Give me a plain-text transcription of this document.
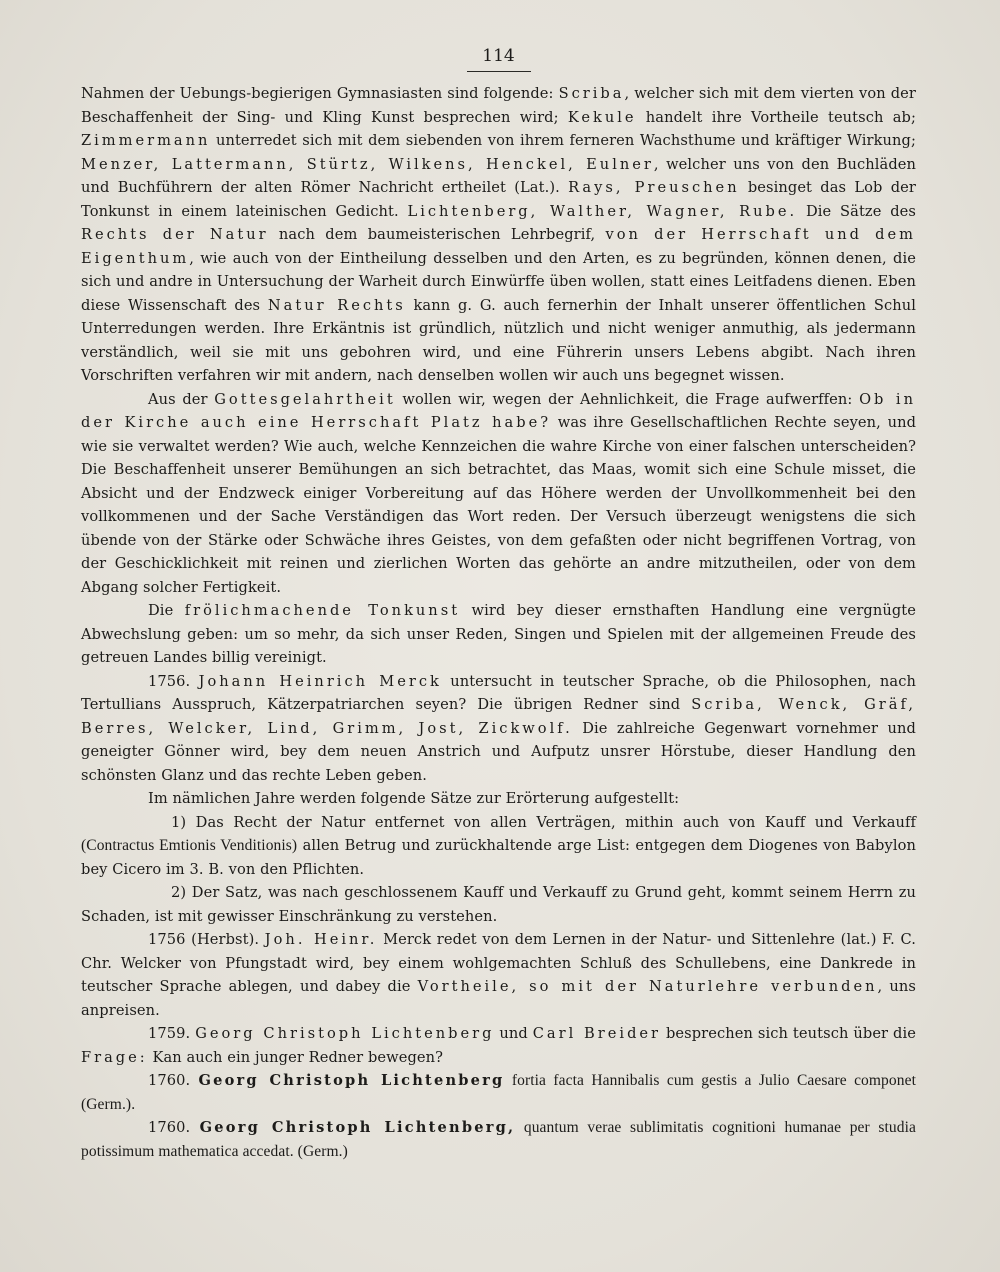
114

Nahmen der Uebungs-begierigen Gymnasiasten sind folgende: Scriba, welcher sich mit dem vierten von der Beschaffenheit der Sing- und Kling Kunst besprechen wird; Kekule handelt ihre Vortheile teutsch ab; Zimmermann unterredet sich mit dem siebenden von ihrem ferneren Wachsthume und kräftiger Wirkung; Menzer, Lattermann, Stürtz, Wilkens, Henckel, Eulner, welcher uns von den Buchläden und Buchführern der alten Römer Nachricht ertheilet (Lat.). Rays, Preuschen besinget das Lob der Tonkunst in einem lateinischen Gedicht. Lichtenberg, Walther, Wagner, Rube. Die Sätze des Rechts der Natur nach dem baumeisterischen Lehrbegrif, von der Herrschaft und dem Eigenthum, wie auch von der Eintheilung desselben und den Arten, es zu begründen, können denen, die sich und andre in Untersuchung der Warheit durch Einwürffe üben wollen, statt eines Leitfadens dienen. Eben diese Wissenschaft des Natur Rechts kann g. G. auch fernerhin der Inhalt unserer öffentlichen Schul Unterredungen werden. Ihre Erkäntnis ist gründlich, nützlich und nicht weniger anmuthig, als jedermann verständlich, weil sie mit uns gebohren wird, und eine Führerin unsers Lebens abgibt. Nach ihren Vorschriften verfahren wir mit andern, nach denselben wollen wir auch uns begegnet wissen.

Aus der Gottesgelahrtheit wollen wir, wegen der Aehnlichkeit, die Frage aufwerffen: Ob in der Kirche auch eine Herrschaft Platz habe? was ihre Gesellschaftlichen Rechte seyen, und wie sie verwaltet werden? Wie auch, welche Kennzeichen die wahre Kirche von einer falschen unterscheiden? Die Beschaffenheit unserer Bemühungen an sich betrachtet, das Maas, womit sich eine Schule misset, die Absicht und der Endzweck einiger Vorbereitung auf das Höhere werden der Unvollkommenheit bei den vollkommenen und der Sache Verständigen das Wort reden. Der Versuch überzeugt wenigstens die sich übende von der Stärke oder Schwäche ihres Geistes, von dem gefaßten oder nicht begriffenen Vortrag, von der Geschicklichkeit mit reinen und zierlichen Worten das gehörte an andre mitzutheilen, oder von dem Abgang solcher Fertigkeit.

Die frölichmachende Tonkunst wird bey dieser ernsthaften Handlung eine vergnügte Abwechslung geben: um so mehr, da sich unser Reden, Singen und Spielen mit der allgemeinen Freude des getreuen Landes billig vereinigt.

1756. Johann Heinrich Merck untersucht in teutscher Sprache, ob die Philosophen, nach Tertullians Ausspruch, Kätzerpatriarchen seyen? Die übrigen Redner sind Scriba, Wenck, Gräf, Berres, Welcker, Lind, Grimm, Jost, Zickwolf. Die zahlreiche Gegenwart vornehmer und geneigter Gönner wird, bey dem neuen Anstrich und Aufputz unsrer Hörstube, dieser Handlung den schönsten Glanz und das rechte Leben geben.

Im nämlichen Jahre werden folgende Sätze zur Erörterung aufgestellt:

1) Das Recht der Natur entfernet von allen Verträgen, mithin auch von Kauff und Verkauff (Contractus Emtionis Venditionis) allen Betrug und zurückhaltende arge List: entgegen dem Diogenes von Babylon bey Cicero im 3. B. von den Pflichten.

2) Der Satz, was nach geschlossenem Kauff und Verkauff zu Grund geht, kommt seinem Herrn zu Schaden, ist mit gewisser Einschränkung zu verstehen.

1756 (Herbst). Joh. Heinr. Merck redet von dem Lernen in der Natur- und Sittenlehre (lat.) F. C. Chr. Welcker von Pfungstadt wird, bey einem wohlgemachten Schluß des Schullebens, eine Dankrede in teutscher Sprache ablegen, und dabey die Vortheile, so mit der Naturlehre verbunden, uns anpreisen.

1759. Georg Christoph Lichtenberg und Carl Breider besprechen sich teutsch über die Frage: Kan auch ein junger Redner bewegen?

1760. Georg Christoph Lichtenberg fortia facta Hannibalis cum gestis a Julio Caesare componet (Germ.).

1760. Georg Christoph Lichtenberg, quantum verae sublimitatis cognitioni humanae per studia potissimum mathematica accedat. (Germ.)
